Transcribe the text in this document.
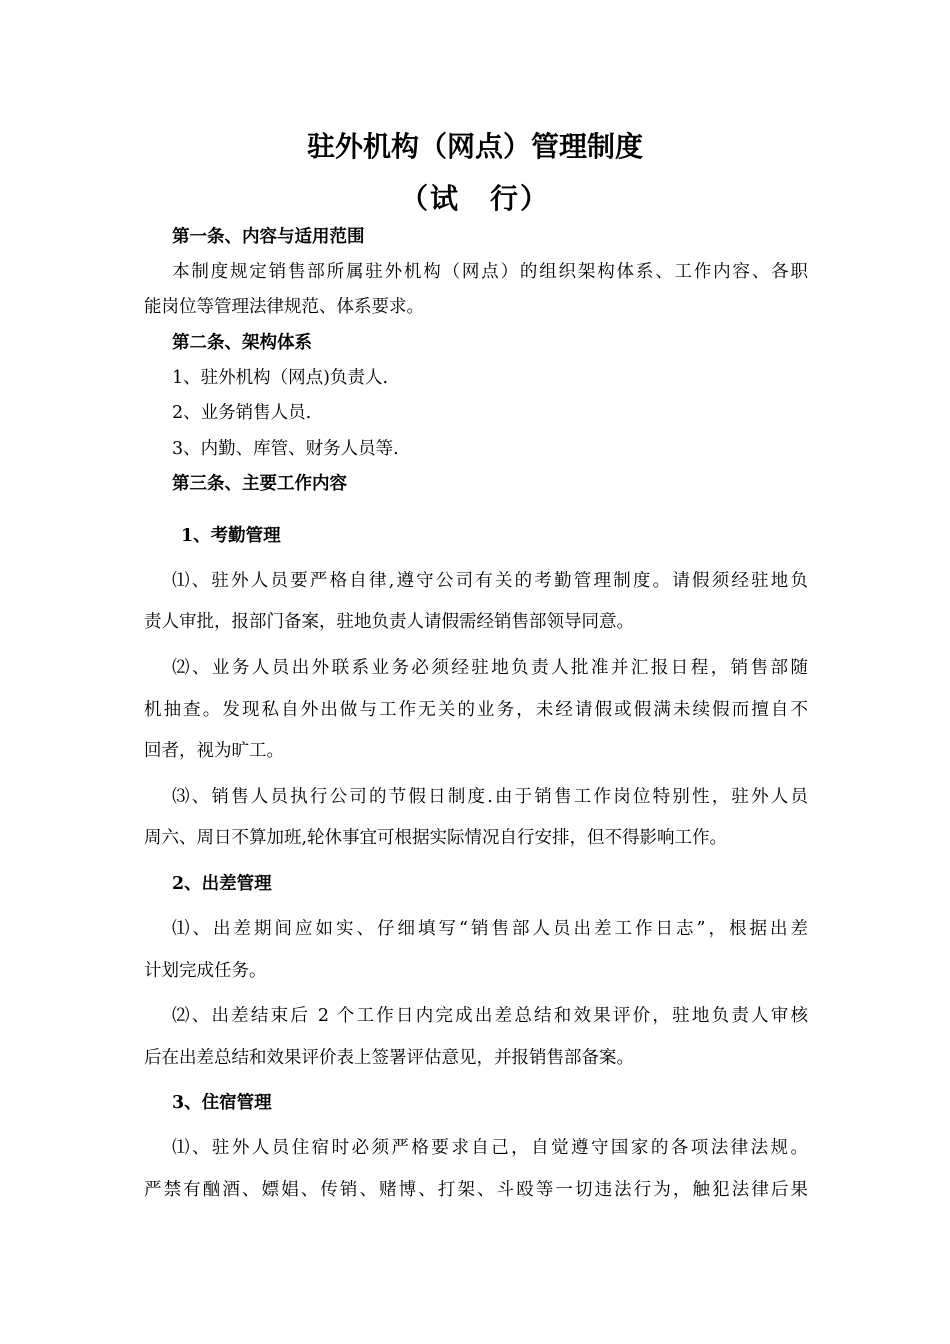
驻外机构（网点）管理制度
（试　行）

第一条、内容与适用范围

本制度规定销售部所属驻外机构（网点）的组织架构体系、工作内容、各职

能岗位等管理法律规范、体系要求。

第二条、架构体系

1、驻外机构（网点)负责人.

2、业务销售人员.

3、内勤、库管、财务人员等.

第三条、主要工作内容

1、考勤管理

⑴、驻外人员要严格自律,遵守公司有关的考勤管理制度。请假须经驻地负

责人审批，报部门备案，驻地负责人请假需经销售部领导同意。

⑵、业务人员出外联系业务必须经驻地负责人批准并汇报日程，销售部随

机抽查。发现私自外出做与工作无关的业务，未经请假或假满未续假而擅自不

回者，视为旷工。

⑶、销售人员执行公司的节假日制度.由于销售工作岗位特别性，驻外人员

周六、周日不算加班,轮休事宜可根据实际情况自行安排，但不得影响工作。

2、出差管理

⑴、出差期间应如实、仔细填写“销售部人员出差工作日志”，根据出差

计划完成任务。

⑵、出差结束后 2 个工作日内完成出差总结和效果评价，驻地负责人审核

后在出差总结和效果评价表上签署评估意见，并报销售部备案。

3、住宿管理

⑴、驻外人员住宿时必须严格要求自己，自觉遵守国家的各项法律法规。

严禁有酗酒、嫖娼、传销、赌博、打架、斗殴等一切违法行为，触犯法律后果
